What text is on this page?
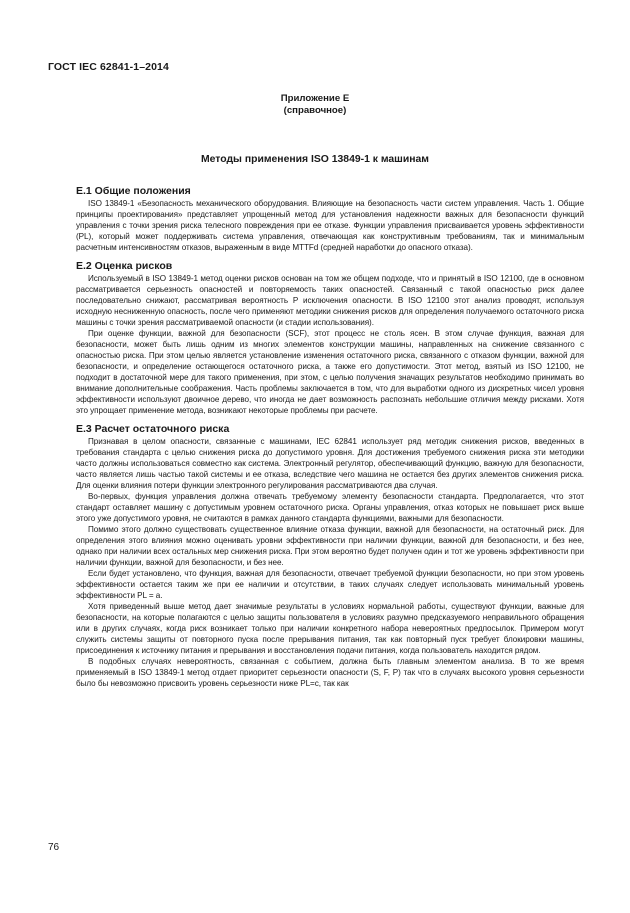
ГОСТ IEC 62841-1–2014
Приложение Е
(справочное)
Методы применения ISO 13849-1 к машинам
Е.1 Общие положения

ISO 13849-1 «Безопасность механического оборудования. Влияющие на безопасность части систем управления. Часть 1. Общие принципы проектирования» представляет упрощенный метод для установления надежности важных для безопасности функций управления с точки зрения риска телесного повреждения при ее отказе. Функции управления присваивается уровень эффективности (PL), который может поддерживать система управления, отвечающая как конструктивным требованиям, так и минимальным расчетным интенсивностям отказов, выраженным в виде MTTFd (средней наработки до опасного отказа).

Е.2 Оценка рисков

Используемый в ISO 13849-1 метод оценки рисков основан на том же общем подходе, что и принятый в ISO 12100, где в основном рассматривается серьезность опасностей и повторяемость таких опасностей. Связанный с такой опасностью риск далее последовательно снижают, рассматривая вероятность P исключения опасности. В ISO 12100 этот анализ проводят, используя исходную несниженную опасность, после чего применяют методики снижения рисков для определения получаемого остаточного риска машины с точки зрения рассматриваемой опасности (и стадии использования).

При оценке функции, важной для безопасности (SCF), этот процесс не столь ясен. В этом случае функция, важная для безопасности, может быть лишь одним из многих элементов конструкции машины, направленных на снижение связанного с опасностью риска. При этом целью является установление изменения остаточного риска, связанного с отказом функции, важной для безопасности, и определение остающегося остаточного риска, а также его допустимости. Этот метод, взятый из ISO 12100, не подходит в достаточной мере для такого применения, при этом, с целью получения значащих результатов необходимо принимать во внимание дополнительные соображения. Часть проблемы заключается в том, что для выработки одного из дискретных чисел уровня эффективности используют двоичное дерево, что иногда не дает возможность распознать небольшие отличия между рисками. Хотя это упрощает применение метода, возникают некоторые проблемы при расчете.

Е.3 Расчет остаточного риска

Признавая в целом опасности, связанные с машинами, IEC 62841 использует ряд методик снижения рисков, введенных в требования стандарта с целью снижения риска до допустимого уровня. Для достижения требуемого снижения риска эти методики часто должны использоваться совместно как система. Электронный регулятор, обеспечивающий функцию, важную для безопасности, часто является лишь частью такой системы и ее отказа, вследствие чего машина не остается без других элементов снижения риска. Для оценки влияния потери функции электронного регулирования рассматриваются два случая.

Во-первых, функция управления должна отвечать требуемому элементу безопасности стандарта. Предполагается, что этот стандарт оставляет машину с допустимым уровнем остаточного риска. Органы управления, отказ которых не повышает риск выше этого уже допустимого уровня, не считаются в рамках данного стандарта функциями, важными для безопасности.

Помимо этого должно существовать существенное влияние отказа функции, важной для безопасности, на остаточный риск. Для определения этого влияния можно оценивать уровни эффективности при наличии функции, важной для безопасности, и без нее, однако при наличии всех остальных мер снижения риска. При этом вероятно будет получен один и тот же уровень эффективности при наличии функции, важной для безопасности, и без нее.

Если будет установлено, что функция, важная для безопасности, отвечает требуемой функции безопасности, но при этом уровень эффективности остается таким же при ее наличии и отсутствии, в таких случаях следует использовать минимальный уровень эффективности PL = a.

Хотя приведенный выше метод дает значимые результаты в условиях нормальной работы, существуют функции, важные для безопасности, на которые полагаются с целью защиты пользователя в условиях разумно предсказуемого неправильного обращения или в других случаях, когда риск возникает только при наличии конкретного набора невероятных предпосылок. Примером могут служить системы защиты от повторного пуска после прерывания питания, так как повторный пуск требует блокировки машины, присоединения к источнику питания и прерывания и восстановления подачи питания, когда пользователь находится рядом.

В подобных случаях невероятность, связанная с событием, должна быть главным элементом анализа. В то же время применяемый в ISO 13849-1 метод отдает приоритет серьезности опасности (S, F, P) так что в случаях высокого уровня серьезности было бы невозможно присвоить уровень серьезности ниже PL=c, так как

76
